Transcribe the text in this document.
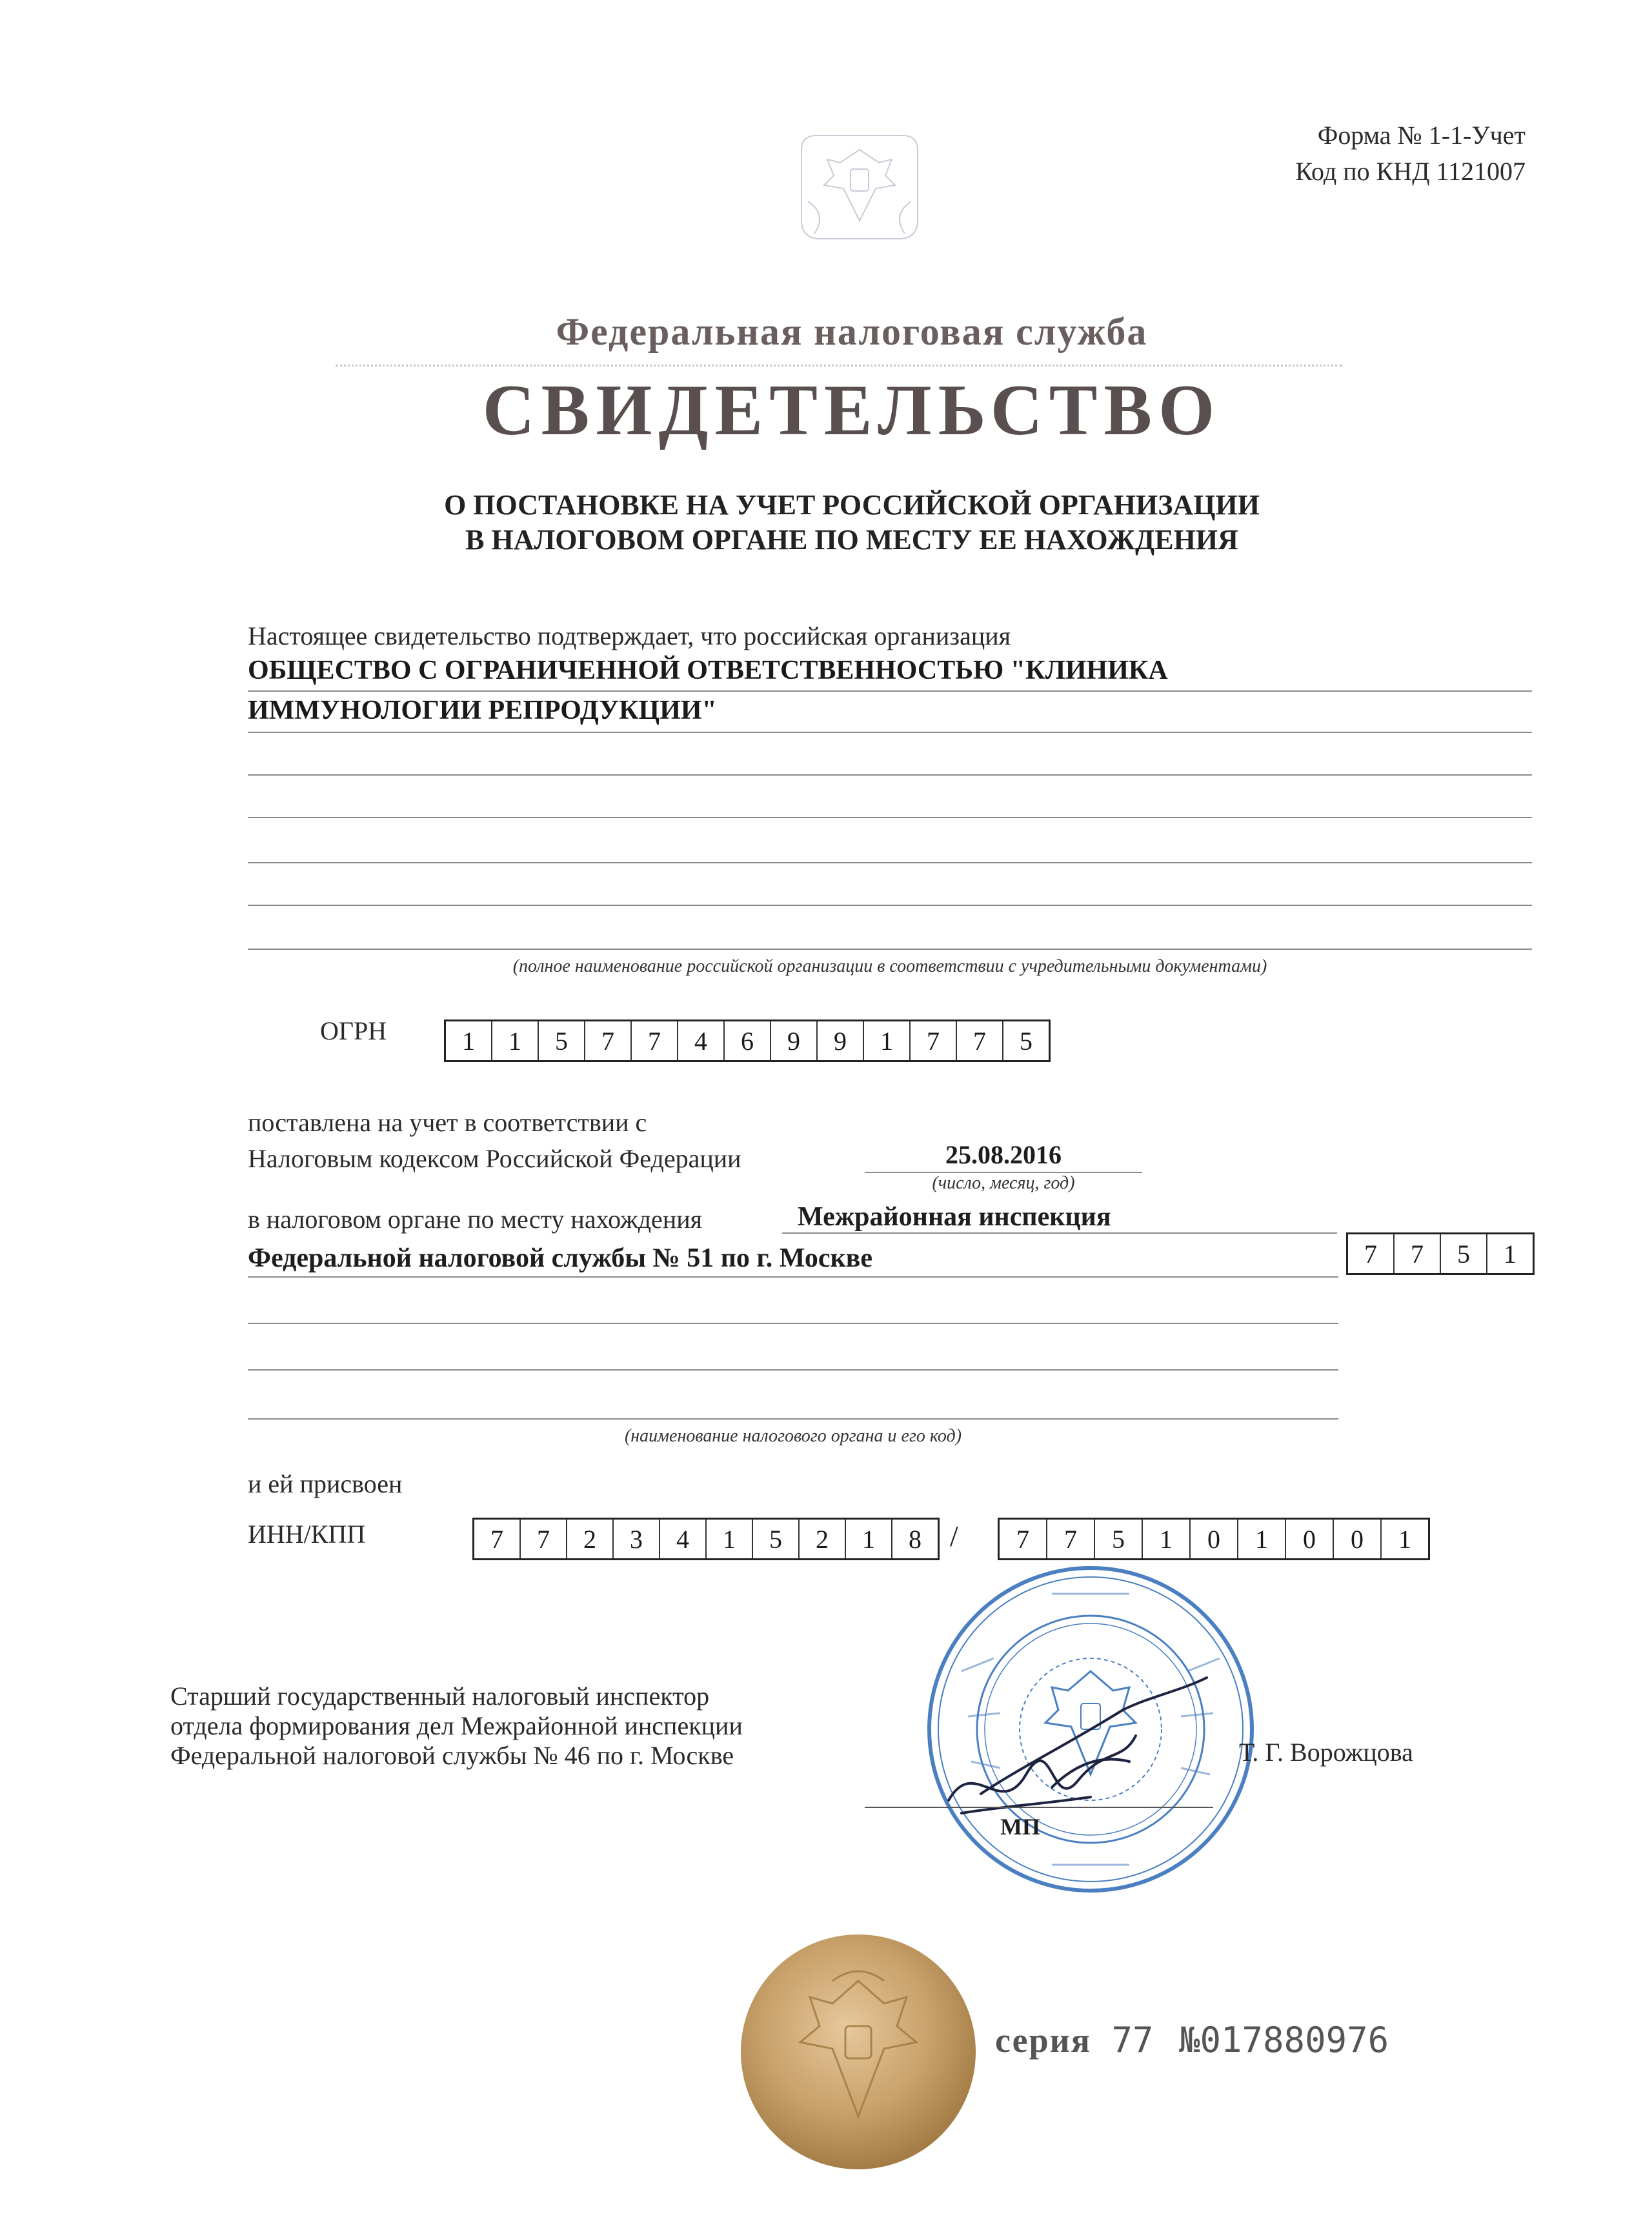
Форма № 1-1-Учет
Код по КНД 1121007
Федеральная налоговая служба
СВИДЕТЕЛЬСТВО
О ПОСТАНОВКЕ НА УЧЕТ РОССИЙСКОЙ ОРГАНИЗАЦИИ
В НАЛОГОВОМ ОРГАНЕ ПО МЕСТУ ЕЕ НАХОЖДЕНИЯ
Настоящее свидетельство подтверждает, что российская организация
ОБЩЕСТВО С ОГРАНИЧЕННОЙ ОТВЕТСТВЕННОСТЬЮ "КЛИНИКА
ИММУНОЛОГИИ РЕПРОДУКЦИИ"
(полное наименование российской организации в соответствии с учредительными документами)
ОГРН	1	1	5	7	7	4	6	9	9	1	7	7	5
поставлена на учет в соответствии с
Налоговым кодексом Российской Федерации	25.08.2016
(число, месяц, год)
в налоговом органе по месту нахождения	Межрайонная инспекция
Федеральной налоговой службы № 51 по г. Москве	7	7	5	1
(наименование налогового органа и его код)
и ей присвоен
ИНН/КПП	7	7	2	3	4	1	5	2	1	8 /	7	7	5	1	0	1	0	0	1
Старший государственный налоговый инспектор
отдела формирования дел Межрайонной инспекции
Федеральной налоговой службы № 46 по г. Москве	Т. Г. Ворожцова
МП
серия 77 №017880976
